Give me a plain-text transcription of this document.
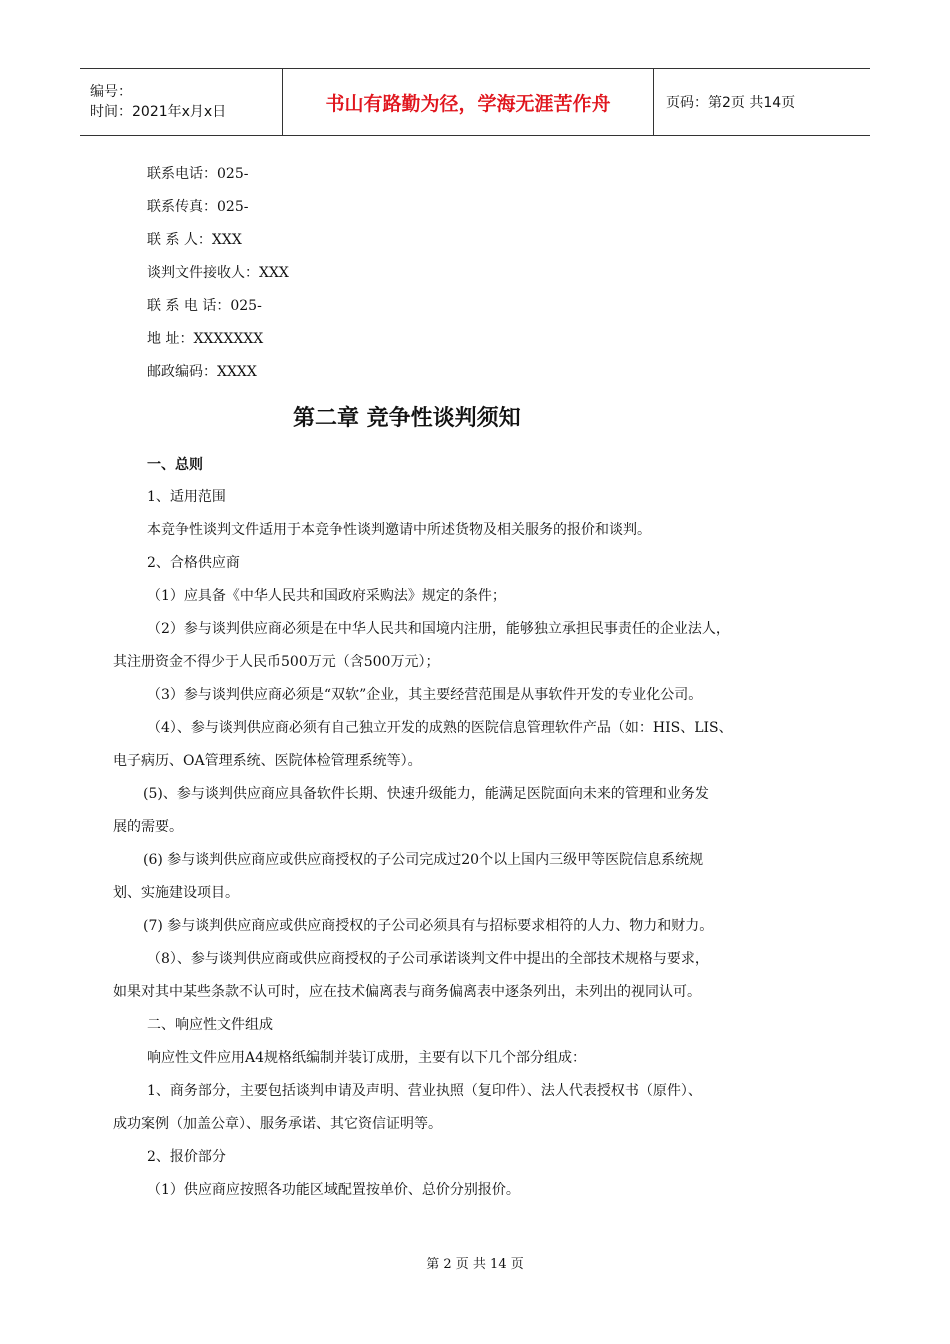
编号：
时间：2021年x月x日	书山有路勤为径，学海无涯苦作舟	页码：第2页 共14页
联系电话：025-
联系传真：025-
联 系 人：XXX
谈判文件接收人：XXX
联 系 电 话：025-
地 址：XXXXXXX
邮政编码：XXXX
第二章 竞争性谈判须知
一、总则
1、适用范围
本竞争性谈判文件适用于本竞争性谈判邀请中所述货物及相关服务的报价和谈判。
2、合格供应商
（1）应具备《中华人民共和国政府采购法》规定的条件；
（2）参与谈判供应商必须是在中华人民共和国境内注册，能够独立承担民事责任的企业法人，
其注册资金不得少于人民币500万元（含500万元）；
（3）参与谈判供应商必须是“双软”企业，其主要经营范围是从事软件开发的专业化公司。
（4）、参与谈判供应商必须有自己独立开发的成熟的医院信息管理软件产品（如：HIS、LIS、
电子病历、OA管理系统、医院体检管理系统等）。
(5)、参与谈判供应商应具备软件长期、快速升级能力，能满足医院面向未来的管理和业务发
展的需要。
(6) 参与谈判供应商应或供应商授权的子公司完成过20个以上国内三级甲等医院信息系统规
划、实施建设项目。
(7) 参与谈判供应商应或供应商授权的子公司必须具有与招标要求相符的人力、物力和财力。
（8）、参与谈判供应商或供应商授权的子公司承诺谈判文件中提出的全部技术规格与要求，
如果对其中某些条款不认可时，应在技术偏离表与商务偏离表中逐条列出，未列出的视同认可。
二、响应性文件组成
响应性文件应用A4规格纸编制并装订成册，主要有以下几个部分组成：
1、商务部分，主要包括谈判申请及声明、营业执照（复印件）、法人代表授权书（原件）、
成功案例（加盖公章）、服务承诺、其它资信证明等。
2、报价部分
（1）供应商应按照各功能区域配置按单价、总价分别报价。
第 2 页 共 14 页
